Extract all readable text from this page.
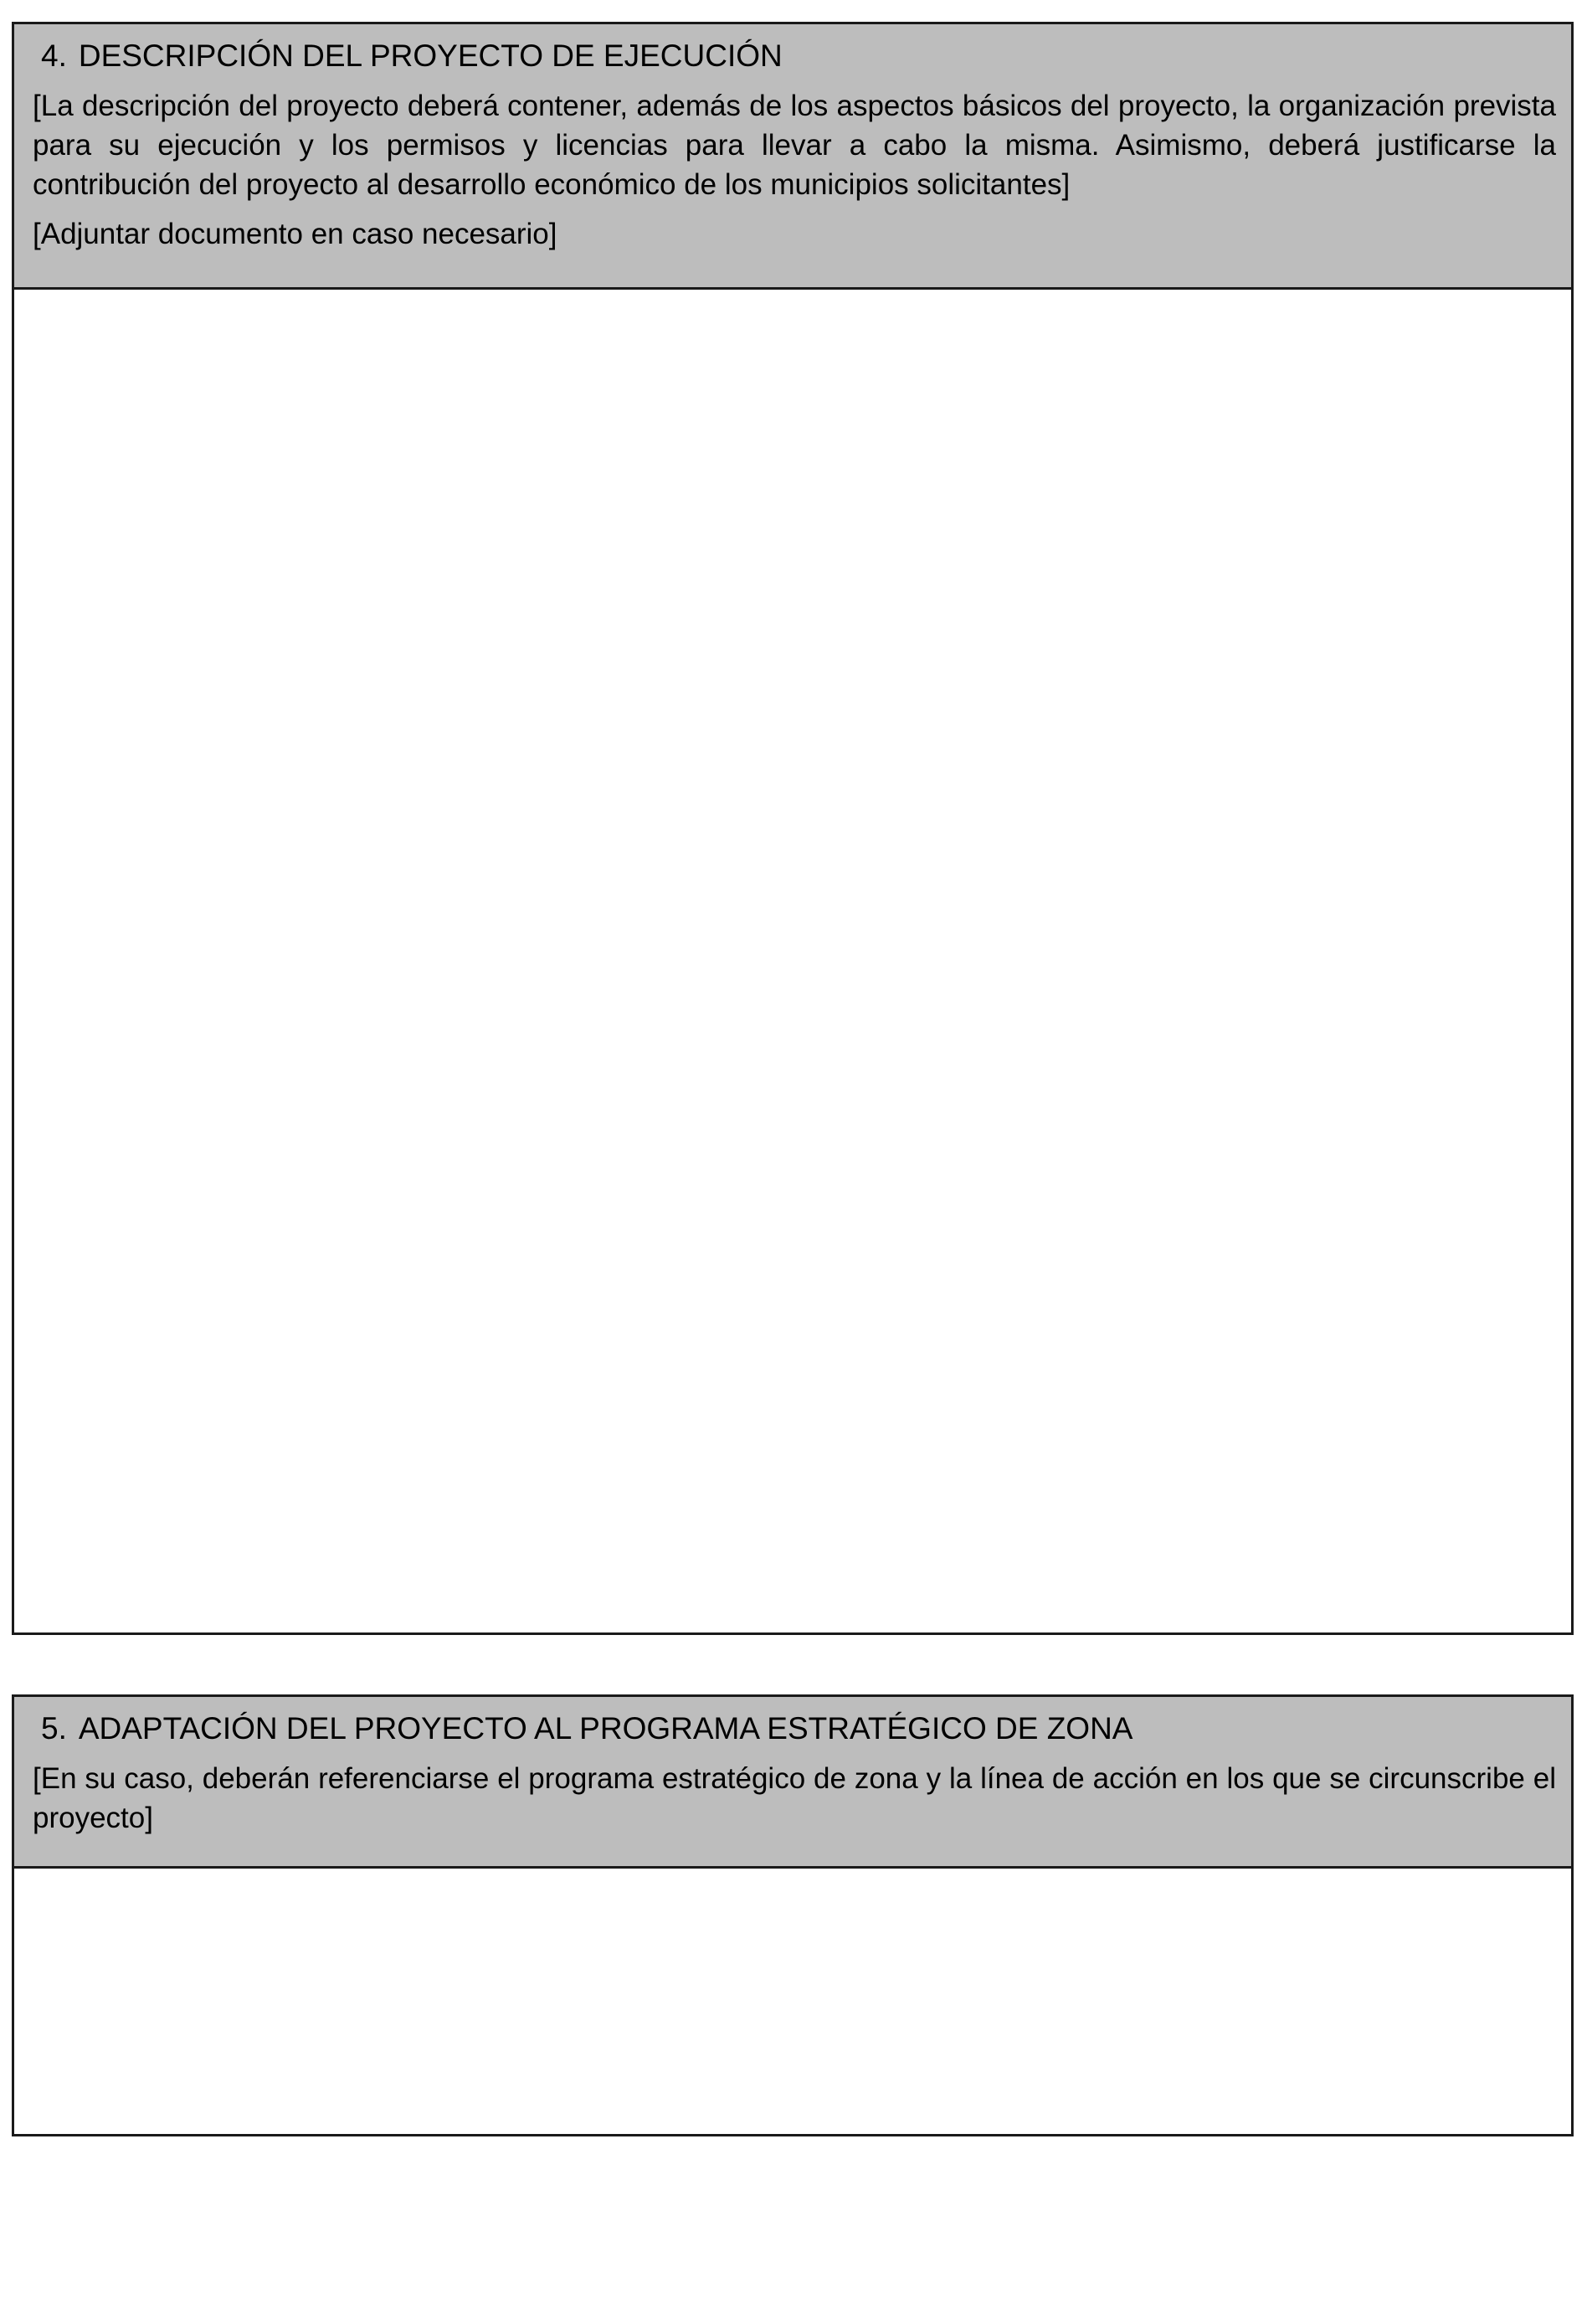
4. DESCRIPCIÓN DEL PROYECTO DE EJECUCIÓN

[La descripción del proyecto deberá contener, además de los aspectos básicos del proyecto, la organización prevista para su ejecución y los permisos y licencias para llevar a cabo la misma. Asimismo, deberá justificarse la contribución del proyecto al desarrollo económico de los municipios solicitantes]

[Adjuntar documento en caso necesario]

5. ADAPTACIÓN DEL PROYECTO AL PROGRAMA ESTRATÉGICO DE ZONA

[En su caso, deberán referenciarse el programa estratégico de zona y la línea de acción en los que se circunscribe el proyecto]
